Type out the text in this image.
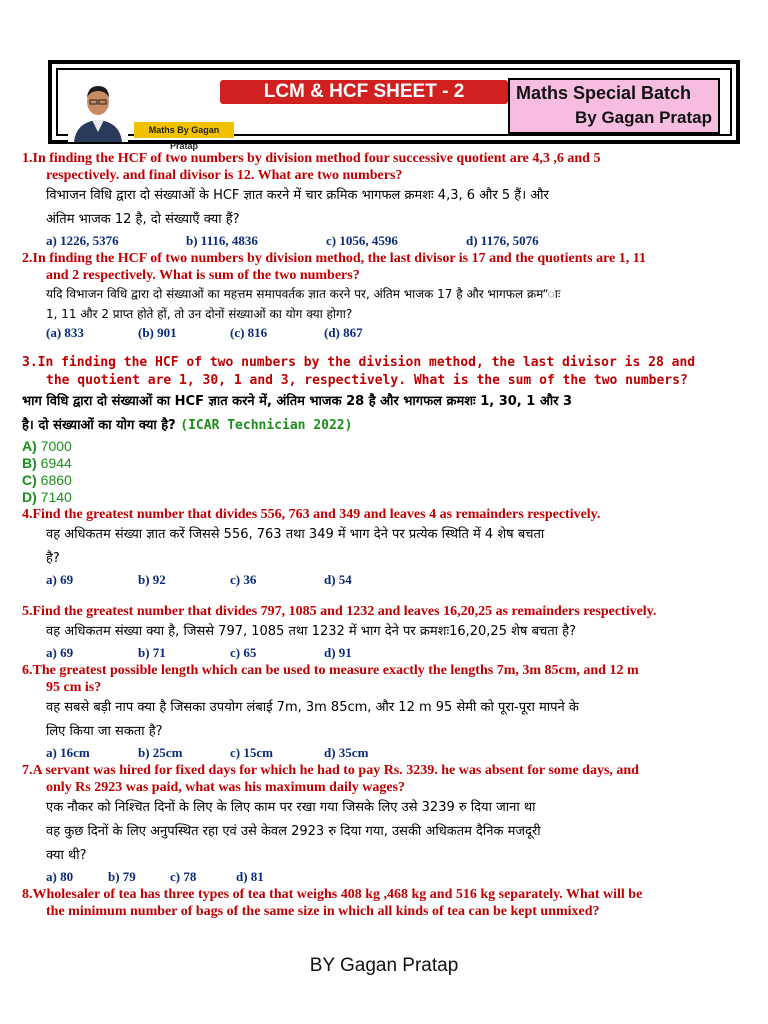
LCM & HCF SHEET - 2
Maths By Gagan Pratap
Maths Special Batch
By Gagan Pratap

1.In finding the HCF of two numbers by division method four successive quotient are 4,3 ,6 and 5

respectively. and final divisor is 12. What are two numbers?

विभाजन विधि द्वारा दो संख्याओं के HCF ज्ञात करने में चार क्रमिक भागफल क्रमशः 4,3, 6 और 5 हैं। और

अंतिम भाजक 12 है, दो संख्याएँ क्या हैं?

a) 1226, 5376	b) 1116, 4836	c) 1056, 4596	d) 1176, 5076

2.In finding the HCF of two numbers by division method, the last divisor is 17 and the quotients are 1, 11

and 2 respectively. What is sum of the two numbers?

यदि विभाजन विधि द्वारा दो संख्याओं का महत्तम समापवर्तक ज्ञात करने पर, अंतिम भाजक 17 है और भागफल क्रम”ाः

1, 11 और 2 प्राप्त होते हों, तो उन दोनों संख्याओं का योग क्या होगा?

(a) 833	(b) 901	(c) 816	(d) 867

3.In finding the HCF of two numbers by the division method, the last divisor is 28 and

the quotient are 1, 30, 1 and 3, respectively. What is the sum of the two numbers?

भाग विधि द्वारा दो संख्याओं का HCF ज्ञात करने में, अंतिम भाजक 28 है और भागफल क्रमशः 1, 30, 1 और 3

है। दो संख्याओं का योग क्या है? (ICAR Technician 2022)

A) 7000

B) 6944

C) 6860

D) 7140

4.Find the greatest number that divides 556, 763 and 349 and leaves 4 as remainders respectively.

वह अधिकतम संख्या ज्ञात करें जिससे 556, 763 तथा 349 में भाग देने पर प्रत्येक स्थिति में 4 शेष बचता

है?

a) 69	b) 92	c) 36	d) 54

5.Find the greatest number that divides 797, 1085 and 1232 and leaves 16,20,25 as remainders respectively.

वह अधिकतम संख्या क्या है, जिससे 797, 1085 तथा 1232 में भाग देने पर क्रमशः16,20,25 शेष बचता है?

a) 69	b) 71	c) 65	d) 91

6.The greatest possible length which can be used to measure exactly the lengths 7m, 3m 85cm, and 12 m

95 cm is?

वह सबसे बड़ी नाप क्या है जिसका उपयोग लंबाई 7m, 3m 85cm, और 12 m 95 सेमी को पूरा-पूरा मापने के

लिए किया जा सकता है?

a) 16cm	b) 25cm	c) 15cm	d) 35cm

7.A servant was hired for fixed days for which he had to pay Rs. 3239. he was absent for some days, and

only Rs 2923 was paid, what was his maximum daily wages?

एक नौकर को निश्चित दिनों के लिए के लिए काम पर रखा गया जिसके लिए उसे 3239 रु दिया जाना था

वह कुछ दिनों के लिए अनुपस्थित रहा एवं उसे केवल 2923 रु दिया गया, उसकी अधिकतम दैनिक मजदूरी

क्या थी?

a) 80	b) 79	c) 78	d) 81

8.Wholesaler of tea has three types of tea that weighs 408 kg ,468 kg and 516 kg separately. What will be

the minimum number of bags of the same size in which all kinds of tea can be kept unmixed?

BY Gagan Pratap
